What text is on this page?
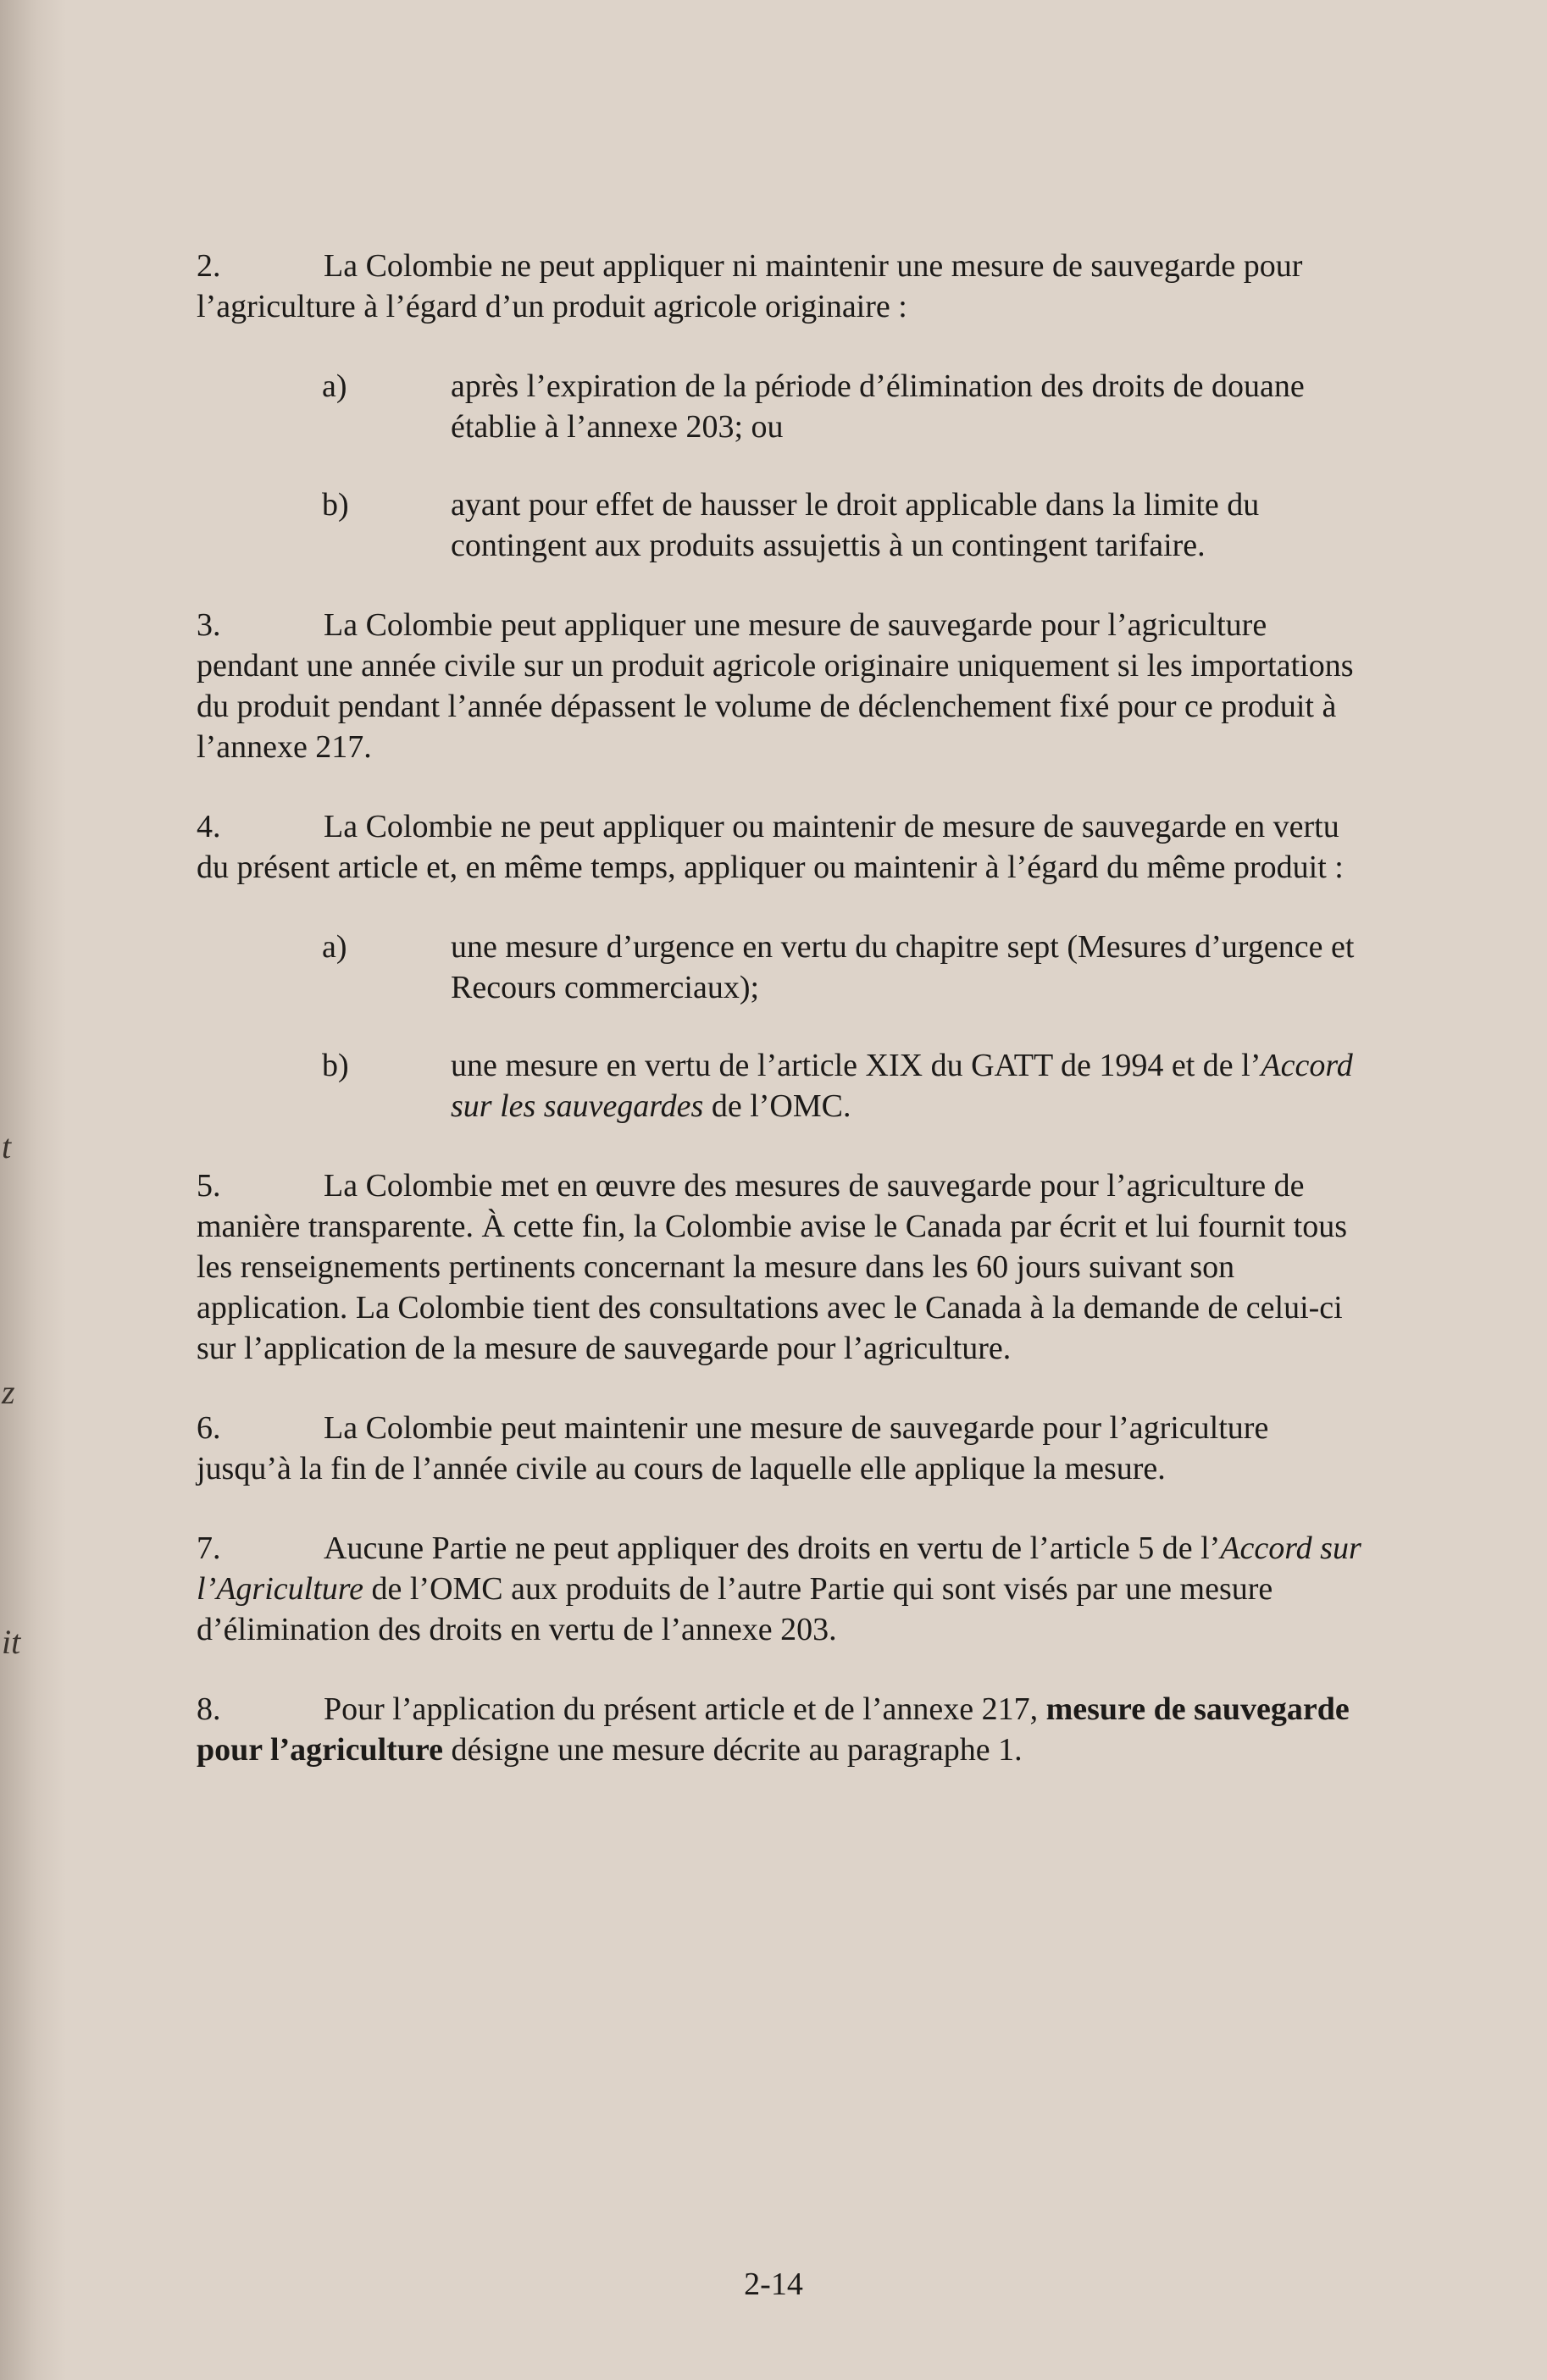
t
z
it

2.	La Colombie ne peut appliquer ni maintenir une mesure de sauvegarde pour l’agriculture à l’égard d’un produit agricole originaire :

a)	après l’expiration de la période d’élimination des droits de douane établie à l’annexe 203; ou
b)	ayant pour effet de hausser le droit applicable dans la limite du contingent aux produits assujettis à un contingent tarifaire.

3.	La Colombie peut appliquer une mesure de sauvegarde pour l’agriculture pendant une année civile sur un produit agricole originaire uniquement si les importations du produit pendant l’année dépassent le volume de déclenchement fixé pour ce produit à l’annexe 217.

4.	La Colombie ne peut appliquer ou maintenir de mesure de sauvegarde en vertu du présent article et, en même temps, appliquer ou maintenir à l’égard du même produit :

a)	une mesure d’urgence en vertu du chapitre sept (Mesures d’urgence et Recours commerciaux);
b)	une mesure en vertu de l’article XIX du GATT de 1994 et de l’Accord sur les sauvegardes de l’OMC.

5.	La Colombie met en œuvre des mesures de sauvegarde pour l’agriculture de manière transparente. À cette fin, la Colombie avise le Canada par écrit et lui fournit tous les renseignements pertinents concernant la mesure dans les 60 jours suivant son application. La Colombie tient des consultations avec le Canada à la demande de celui-ci sur l’application de la mesure de sauvegarde pour l’agriculture.

6.	La Colombie peut maintenir une mesure de sauvegarde pour l’agriculture jusqu’à la fin de l’année civile au cours de laquelle elle applique la mesure.

7.	Aucune Partie ne peut appliquer des droits en vertu de l’article 5 de l’Accord sur l’Agriculture de l’OMC aux produits de l’autre Partie qui sont visés par une mesure d’élimination des droits en vertu de l’annexe 203.

8.	Pour l’application du présent article et de l’annexe 217, mesure de sauvegarde pour l’agriculture désigne une mesure décrite au paragraphe 1.

2-14
